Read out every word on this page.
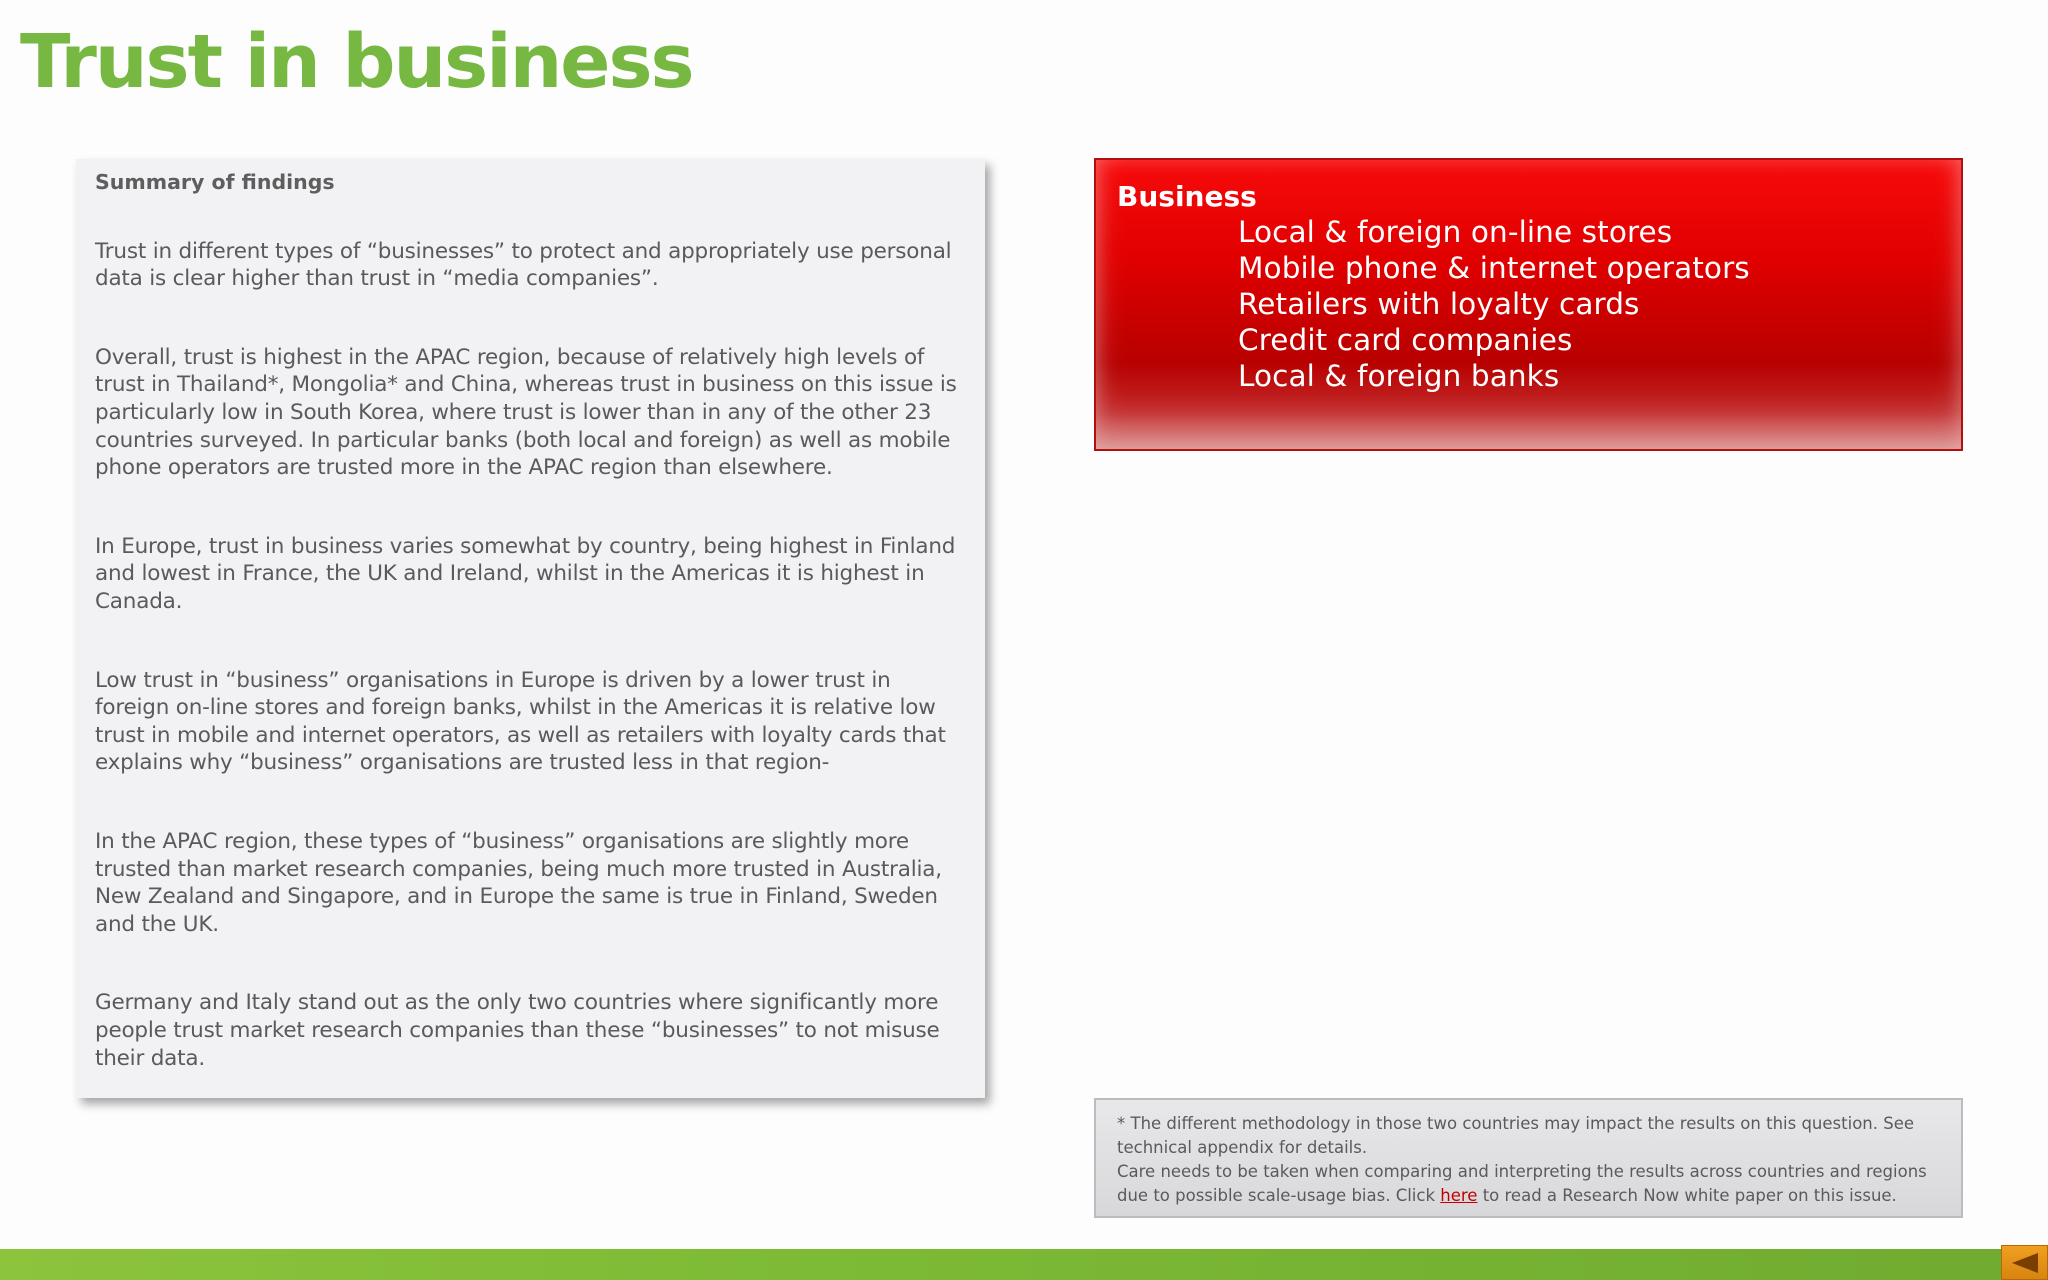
Trust in business
Summary of findings

Trust in different types of “businesses” to protect and appropriately use personal data is clear higher than trust in “media companies”.

Overall, trust is highest in the APAC region, because of relatively high levels of trust in Thailand*, Mongolia* and China, whereas trust in business on this issue is particularly low in South Korea, where trust is lower than in any of the other 23 countries surveyed. In particular banks (both local and foreign) as well as mobile phone operators are trusted more in the APAC region than elsewhere.

In Europe, trust in business varies somewhat by country, being highest in Finland and lowest in France, the UK and Ireland, whilst in the Americas it is highest in Canada.

Low trust in “business” organisations in Europe is driven by a lower trust in foreign on-line stores and foreign banks, whilst in the Americas it is relative low trust in mobile and internet operators, as well as retailers with loyalty cards that explains why “business” organisations are trusted less in that region-

In the APAC region, these types of “business” organisations are slightly more trusted than market research companies, being much more trusted in Australia, New Zealand and Singapore, and in Europe the same is true in Finland, Sweden and the UK.

Germany and Italy stand out as the only two countries where significantly more people trust market research companies than these “businesses” to not misuse their data.

Business
Local & foreign on-line stores
Mobile phone & internet operators
Retailers with loyalty cards
Credit card companies
Local & foreign banks

* The different methodology in those two countries may impact the results on this question. See technical appendix for details.

Care needs to be taken when comparing and interpreting the results across countries and regions due to possible scale-usage bias. Click here to read a Research Now white paper on this issue.
